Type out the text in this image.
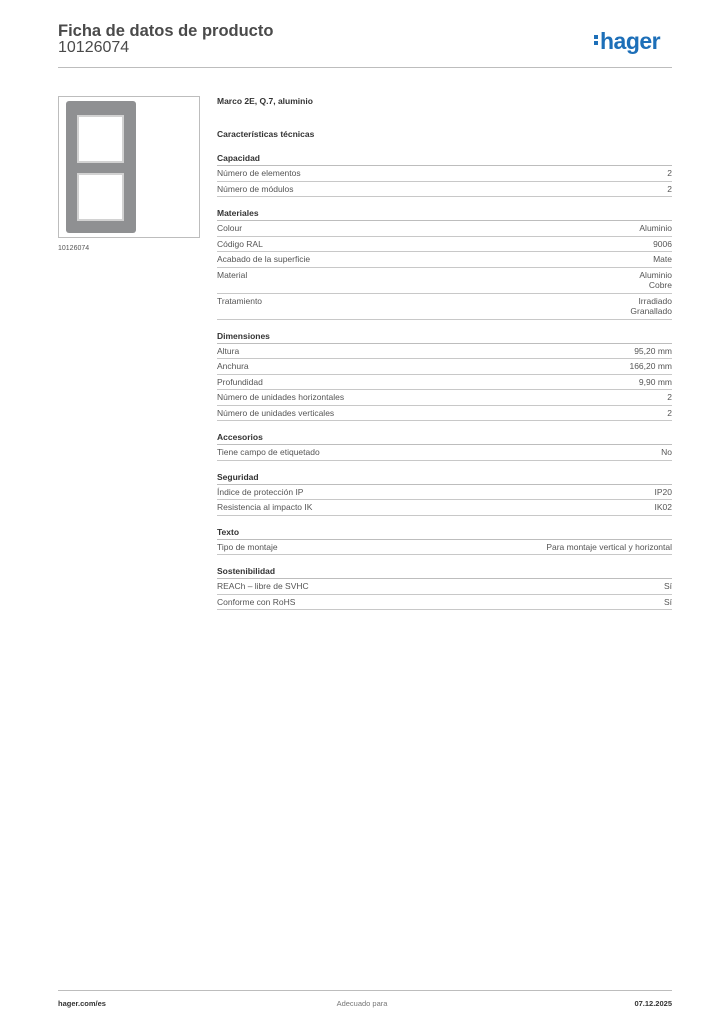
Ficha de datos de producto
10126074	hager
10126074
Marco 2E, Q.7, aluminio
Características técnicas
Capacidad
Número de elementos	2
Número de módulos	2
Materiales
Colour	Aluminio
Código RAL	9006
Acabado de la superficie	Mate
Material	Aluminio
Cobre
Tratamiento	Irradiado
Granallado
Dimensiones
Altura	95,20 mm
Anchura	166,20 mm
Profundidad	9,90 mm
Número de unidades horizontales	2
Número de unidades verticales	2
Accesorios
Tiene campo de etiquetado	No
Seguridad
Índice de protección IP	IP20
Resistencia al impacto IK	IK02
Texto
Tipo de montaje	Para montaje vertical y horizontal
Sostenibilidad
REACh – libre de SVHC	Sí
Conforme con RoHS	Sí
hager.com/es	Adecuado para	07.12.2025
